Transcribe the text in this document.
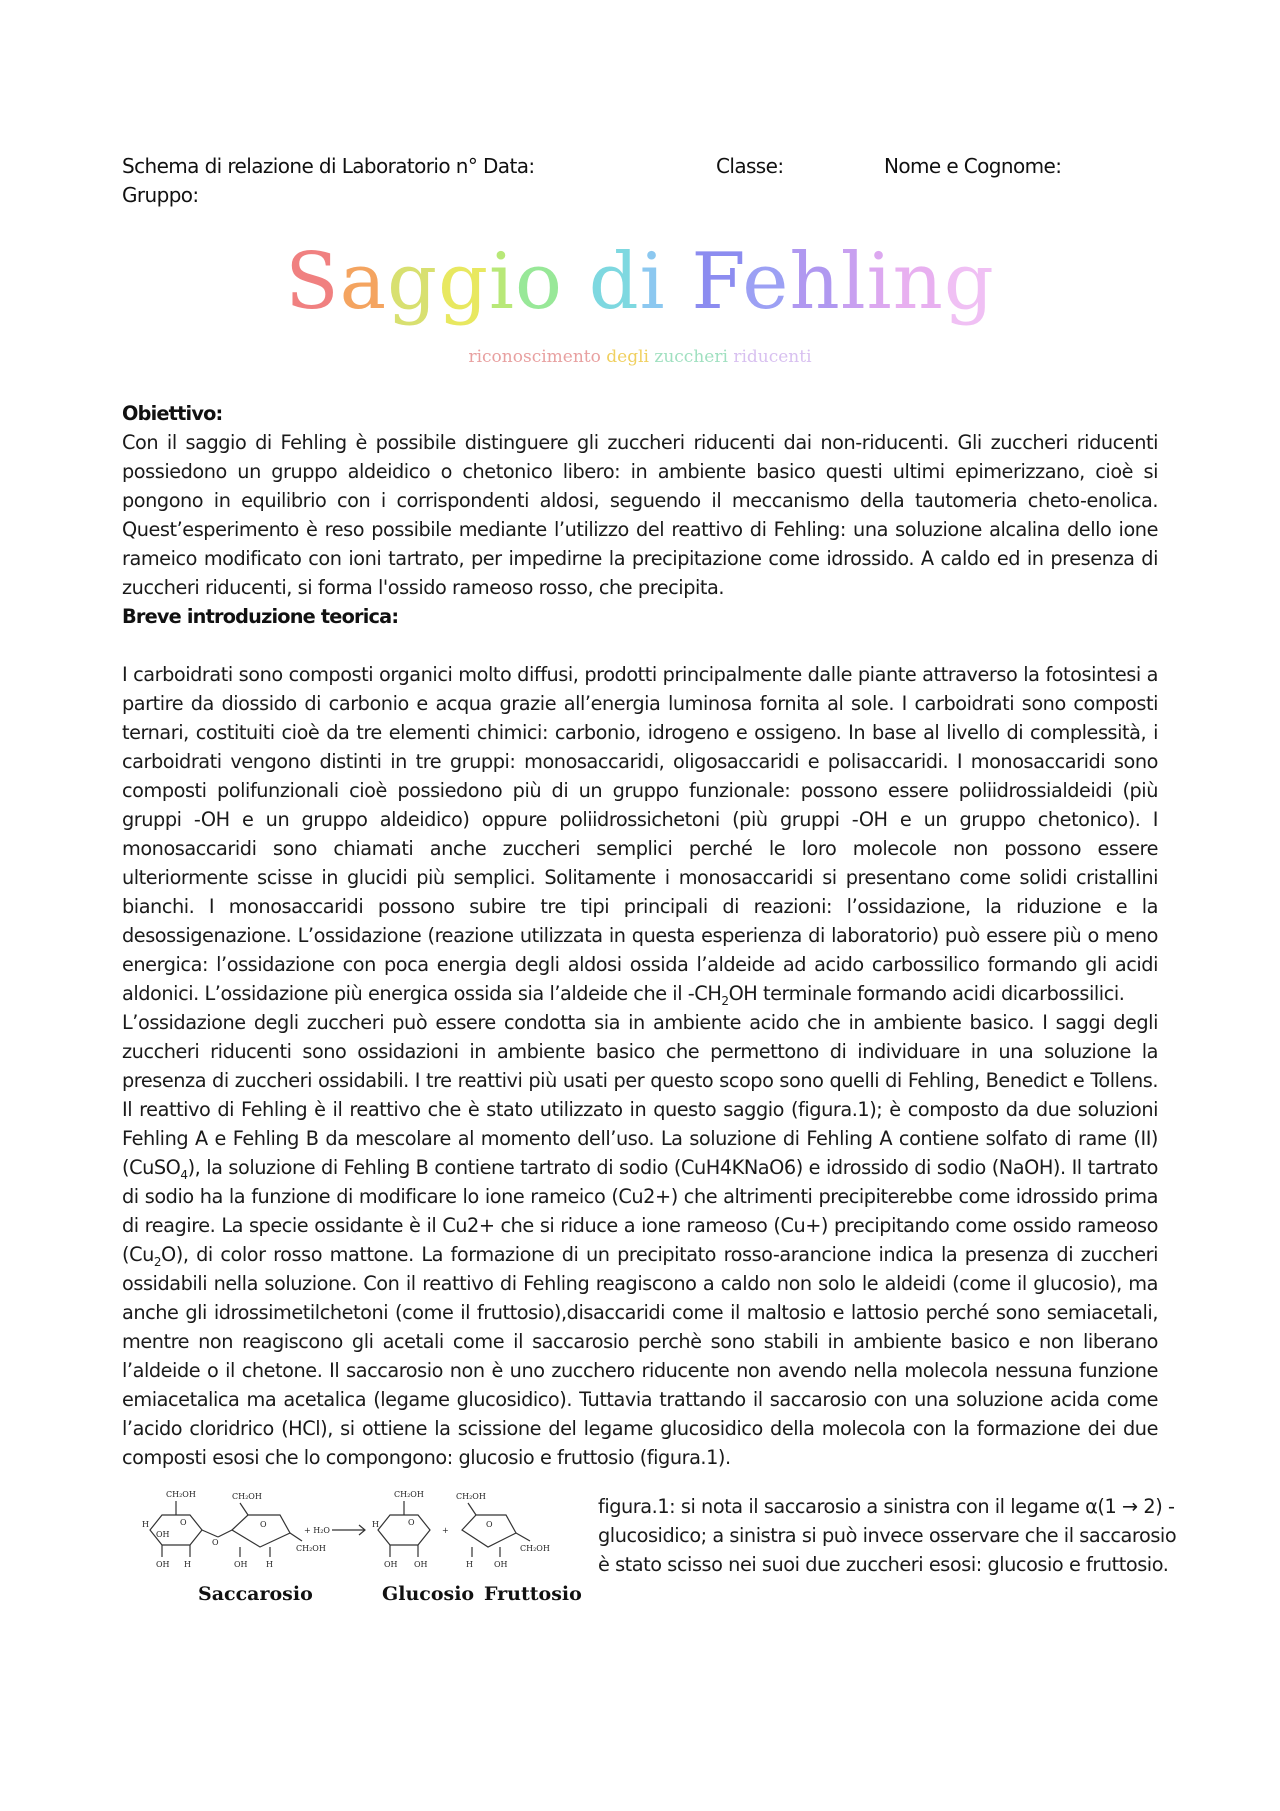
Schema di relazione di Laboratorio n° Data:	Classe:	Nome e Cognome:
Gruppo:
Saggio di Fehling
riconoscimento degli zuccheri riducenti
Obiettivo:

Con il saggio di Fehling è possibile distinguere gli zuccheri riducenti dai non-riducenti. Gli zuccheri riducenti possiedono un gruppo aldeidico o chetonico libero: in ambiente basico questi ultimi epimerizzano, cioè si pongono in equilibrio con i corrispondenti aldosi, seguendo il meccanismo della tautomeria cheto-enolica. Quest’esperimento è reso possibile mediante l’utilizzo del reattivo di Fehling: una soluzione alcalina dello ione rameico modificato con ioni tartrato, per impedirne la precipitazione come idrossido. A caldo ed in presenza di zuccheri riducenti, si forma l'ossido rameoso rosso, che precipita.

Breve introduzione teorica:

I carboidrati sono composti organici molto diffusi, prodotti principalmente dalle piante attraverso la fotosintesi a partire da diossido di carbonio e acqua grazie all’energia luminosa fornita al sole. I carboidrati sono composti ternari, costituiti cioè da tre elementi chimici: carbonio, idrogeno e ossigeno. In base al livello di complessità, i carboidrati vengono distinti in tre gruppi: monosaccaridi, oligosaccaridi e polisaccaridi. I monosaccaridi sono composti polifunzionali cioè possiedono più di un gruppo funzionale: possono essere poliidrossialdeidi (più gruppi -OH e un gruppo aldeidico) oppure poliidrossichetoni (più gruppi -OH e un gruppo chetonico). I monosaccaridi sono chiamati anche zuccheri semplici perché le loro molecole non possono essere ulteriormente scisse in glucidi più semplici. Solitamente i monosaccaridi si presentano come solidi cristallini bianchi. I monosaccaridi possono subire tre tipi principali di reazioni: l’ossidazione, la riduzione e la desossigenazione. L’ossidazione (reazione utilizzata in questa esperienza di laboratorio) può essere più o meno energica: l’ossidazione con poca energia degli aldosi ossida l’aldeide ad acido carbossilico formando gli acidi aldonici. L’ossidazione più energica ossida sia l’aldeide che il $-CH_2OH$ terminale formando acidi dicarbossilici.

L’ossidazione degli zuccheri può essere condotta sia in ambiente acido che in ambiente basico. I saggi degli zuccheri riducenti sono ossidazioni in ambiente basico che permettono di individuare in una soluzione la presenza di zuccheri ossidabili. I tre reattivi più usati per questo scopo sono quelli di Fehling, Benedict e Tollens. Il reattivo di Fehling è il reattivo che è stato utilizzato in questo saggio (figura.1); è composto da due soluzioni Fehling A e Fehling B da mescolare al momento dell’uso. La soluzione di Fehling A contiene solfato di rame (II) (CuSO$_4$), la soluzione di Fehling B contiene tartrato di sodio (CuH4KNaO6) e idrossido di sodio (NaOH). Il tartrato di sodio ha la funzione di modificare lo ione rameico (Cu2+) che altrimenti precipiterebbe come idrossido prima di reagire. La specie ossidante è il Cu2+ che si riduce a ione rameoso (Cu+) precipitando come ossido rameoso $(Cu_2O)$, di color rosso mattone. La formazione di un precipitato rosso-arancione indica la presenza di zuccheri ossidabili nella soluzione. Con il reattivo di Fehling reagiscono a caldo non solo le aldeidi (come il glucosio), ma anche gli idrossimetilchetoni (come il fruttosio),disaccaridi come il maltosio e lattosio perché sono semiacetali, mentre non reagiscono gli acetali come il saccarosio perchè sono stabili in ambiente basico e non liberano l’aldeide o il chetone. Il saccarosio non è uno zucchero riducente non avendo nella molecola nessuna funzione emiacetalica ma acetalica (legame glucosidico). Tuttavia trattando il saccarosio con una soluzione acida come l’acido cloridrico (HCl), si ottiene la scissione del legame glucosidico della molecola con la formazione dei due composti esosi che lo compongono: glucosio e fruttosio (figura.1).

CH₂OH
O
H
OH
OH H
O
CH₂OH
O
CH₂OH
OH H
+ H₂O
CH₂OH
O
H
OH OH
+
CH₂OH
O
CH₂OH
H	OH
Saccarosio	Glucosio Fruttosio
figura.1: si nota il saccarosio a sinistra con il legame α(1 → 2) -glucosidico; a sinistra si può invece osservare che il saccarosio è stato scisso nei suoi due zuccheri esosi: glucosio e fruttosio.
